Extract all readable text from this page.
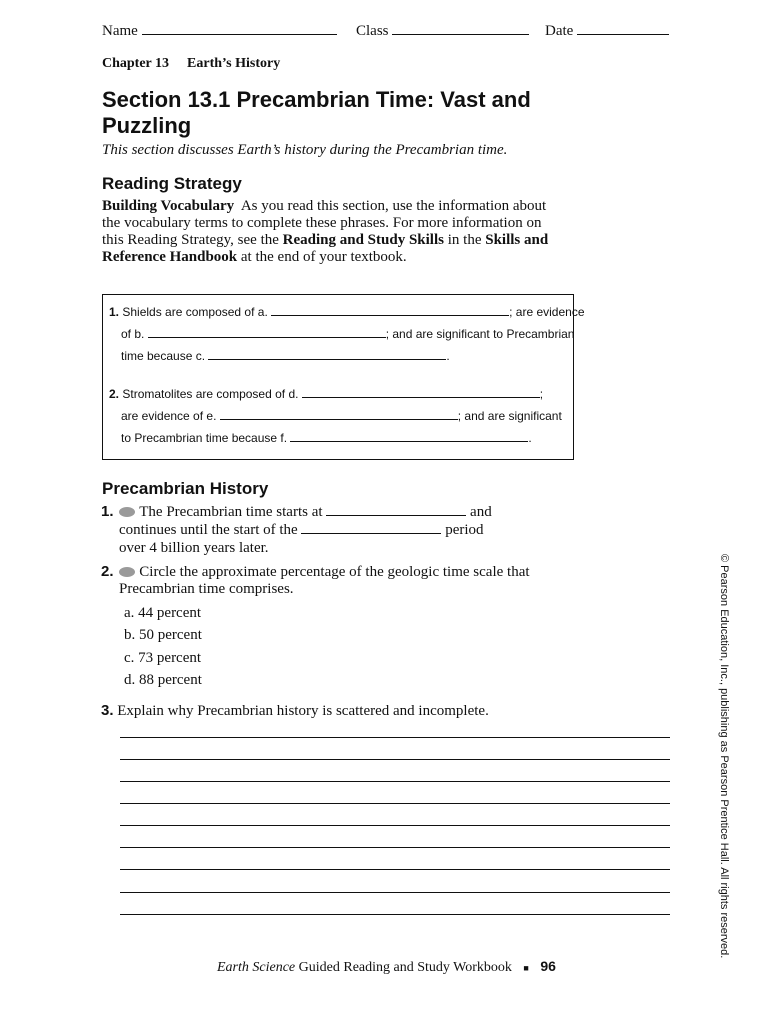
Name	Class	Date
Chapter 13 Earth’s History
Section 13.1 Precambrian Time: Vast and Puzzling
This section discusses Earth’s history during the Precambrian time.
Reading Strategy
Building Vocabulary As you read this section, use the information about the vocabulary terms to complete these phrases. For more information on this Reading Strategy, see the Reading and Study Skills in the Skills and Reference Handbook at the end of your textbook.
1. Shields are composed of a.	; are evidence
of b.	; and are significant to Precambrian
time because c.	.
2. Stromatolites are composed of d.	;
are evidence of e.	; and are significant
to Precambrian time because f.	.
Precambrian History
1. The Precambrian time starts at	and
continues until the start of the	period
over 4 billion years later.
2. Circle the approximate percentage of the geologic time scale that
Precambrian time comprises.
a. 44 percent
b. 50 percent
c. 73 percent
d. 88 percent
3. Explain why Precambrian history is scattered and incomplete.	© Pearson Education, Inc., publishing as Pearson Prentice Hall. All rights reserved.
Earth Science Guided Reading and Study Workbook ■ 96
